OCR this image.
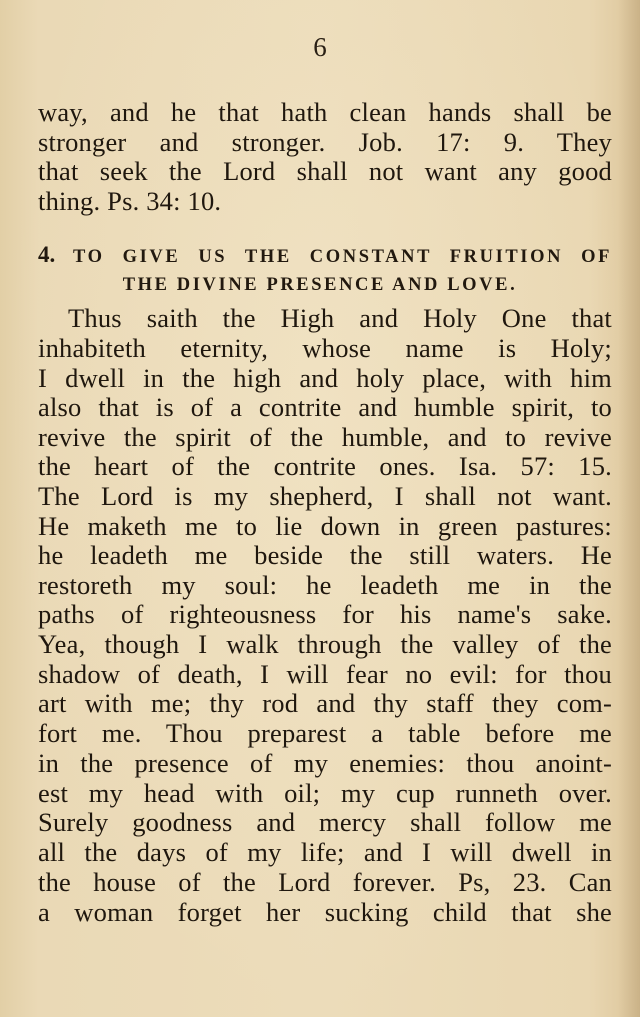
6
way, and he that hath clean hands shall be
stronger and stronger. Job. 17: 9. They
that seek the Lord shall not want any good
thing. Ps. 34: 10.
4. TO GIVE US THE CONSTANT FRUITION OF
THE DIVINE PRESENCE AND LOVE.
Thus saith the High and Holy One that
inhabiteth eternity, whose name is Holy;
I dwell in the high and holy place, with him
also that is of a contrite and humble spirit, to
revive the spirit of the humble, and to revive
the heart of the contrite ones. Isa. 57: 15.
The Lord is my shepherd, I shall not want.
He maketh me to lie down in green pastures:
he leadeth me beside the still waters. He
restoreth my soul: he leadeth me in the
paths of righteousness for his name's sake.
Yea, though I walk through the valley of the
shadow of death, I will fear no evil: for thou
art with me; thy rod and thy staff they com-
fort me. Thou preparest a table before me
in the presence of my enemies: thou anoint-
est my head with oil; my cup runneth over.
Surely goodness and mercy shall follow me
all the days of my life; and I will dwell in
the house of the Lord forever. Ps, 23. Can
a woman forget her sucking child that she
